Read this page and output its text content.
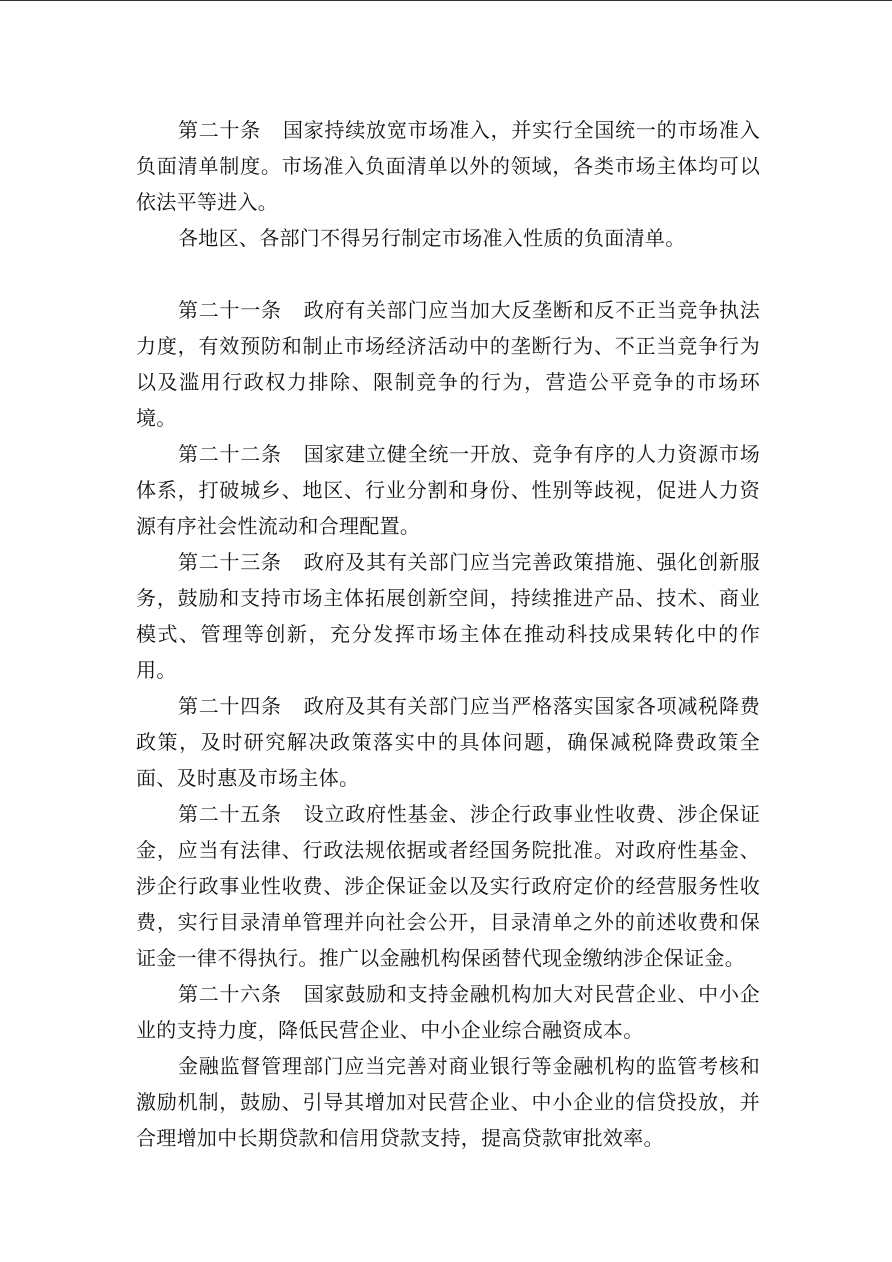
第二十条 国家持续放宽市场准入，并实行全国统一的市场准入负面清单制度。市场准入负面清单以外的领域，各类市场主体均可以依法平等进入。

各地区、各部门不得另行制定市场准入性质的负面清单。

第二十一条 政府有关部门应当加大反垄断和反不正当竞争执法力度，有效预防和制止市场经济活动中的垄断行为、不正当竞争行为以及滥用行政权力排除、限制竞争的行为，营造公平竞争的市场环境。

第二十二条 国家建立健全统一开放、竞争有序的人力资源市场体系，打破城乡、地区、行业分割和身份、性别等歧视，促进人力资源有序社会性流动和合理配置。

第二十三条 政府及其有关部门应当完善政策措施、强化创新服务，鼓励和支持市场主体拓展创新空间，持续推进产品、技术、商业模式、管理等创新，充分发挥市场主体在推动科技成果转化中的作用。

第二十四条 政府及其有关部门应当严格落实国家各项减税降费政策，及时研究解决政策落实中的具体问题，确保减税降费政策全面、及时惠及市场主体。

第二十五条 设立政府性基金、涉企行政事业性收费、涉企保证金，应当有法律、行政法规依据或者经国务院批准。对政府性基金、涉企行政事业性收费、涉企保证金以及实行政府定价的经营服务性收费，实行目录清单管理并向社会公开，目录清单之外的前述收费和保证金一律不得执行。推广以金融机构保函替代现金缴纳涉企保证金。

第二十六条 国家鼓励和支持金融机构加大对民营企业、中小企业的支持力度，降低民营企业、中小企业综合融资成本。

金融监督管理部门应当完善对商业银行等金融机构的监管考核和激励机制，鼓励、引导其增加对民营企业、中小企业的信贷投放，并合理增加中长期贷款和信用贷款支持，提高贷款审批效率。
